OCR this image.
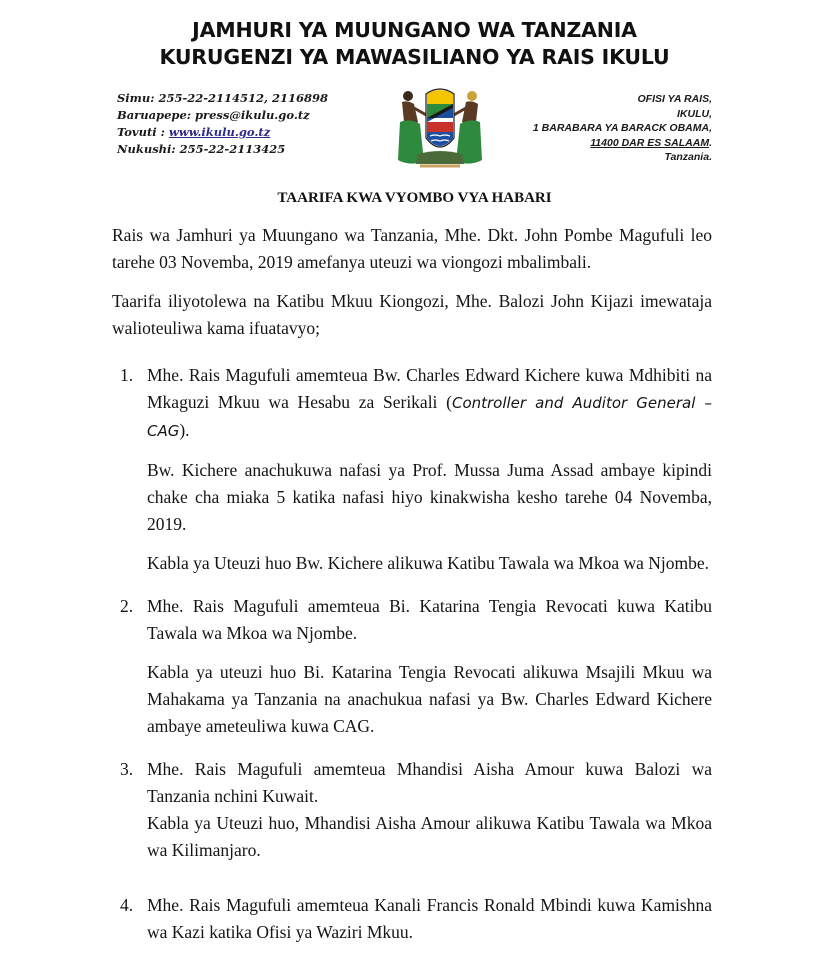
JAMHURI YA MUUNGANO WA TANZANIA
KURUGENZI YA MAWASILIANO YA RAIS IKULU
Simu: 255-22-2114512, 2116898
Baruapepe: press@ikulu.go.tz
Tovuti : www.ikulu.go.tz
Nukushi: 255-22-2113425
OFISI YA RAIS,
IKULU,
1 BARABARA YA BARACK OBAMA,
11400 DAR ES SALAAM.
Tanzania.
TAARIFA KWA VYOMBO VYA HABARI

Rais wa Jamhuri ya Muungano wa Tanzania, Mhe. Dkt. John Pombe Magufuli leo tarehe 03 Novemba, 2019 amefanya uteuzi wa viongozi mbalimbali.

Taarifa iliyotolewa na Katibu Mkuu Kiongozi, Mhe. Balozi John Kijazi imewataja walioteuliwa kama ifuatavyo;

1. Mhe. Rais Magufuli amemteua Bw. Charles Edward Kichere kuwa Mdhibiti na Mkaguzi Mkuu wa Hesabu za Serikali (Controller and Auditor General – CAG).

Bw. Kichere anachukuwa nafasi ya Prof. Mussa Juma Assad ambaye kipindi chake cha miaka 5 katika nafasi hiyo kinakwisha kesho tarehe 04 Novemba, 2019.

Kabla ya Uteuzi huo Bw. Kichere alikuwa Katibu Tawala wa Mkoa wa Njombe.

2. Mhe. Rais Magufuli amemteua Bi. Katarina Tengia Revocati kuwa Katibu Tawala wa Mkoa wa Njombe.

Kabla ya uteuzi huo Bi. Katarina Tengia Revocati alikuwa Msajili Mkuu wa Mahakama ya Tanzania na anachukua nafasi ya Bw. Charles Edward Kichere ambaye ameteuliwa kuwa CAG.

3. Mhe. Rais Magufuli amemteua Mhandisi Aisha Amour kuwa Balozi wa Tanzania nchini Kuwait.

Kabla ya Uteuzi huo, Mhandisi Aisha Amour alikuwa Katibu Tawala wa Mkoa wa Kilimanjaro.

4. Mhe. Rais Magufuli amemteua Kanali Francis Ronald Mbindi kuwa Kamishna wa Kazi katika Ofisi ya Waziri Mkuu.
